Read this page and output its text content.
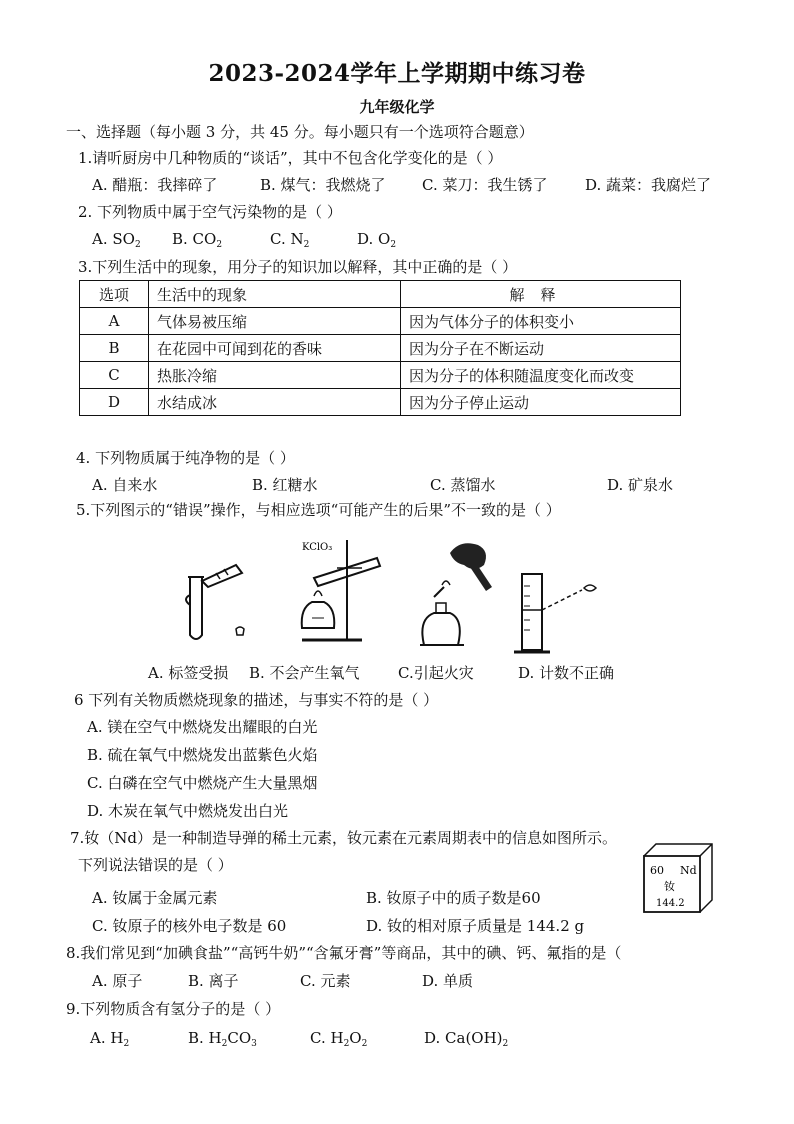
2023-2024学年上学期期中练习卷
九年级化学
一、选择题（每小题 3 分，共 45 分。每小题只有一个选项符合题意）
1.请听厨房中几种物质的“谈话”，其中不包含化学变化的是（ ）
A. 醋瓶：我摔碎了	B. 煤气：我燃烧了 C. 菜刀：我生锈了	D. 蔬菜：我腐烂了
2. 下列物质中属于空气污染物的是（ ）
A. $SO_2$ B. $CO_2$	C. $N_2$	D. $O_2$
3.下列生活中的现象，用分子的知识加以解释，其中正确的是（ ）
选项	生活中的现象	解释
A	气体易被压缩	因为气体分子的体积变小
B	在花园中可闻到花的香味	因为分子在不断运动
C	热胀冷缩	因为分子的体积随温度变化而改变
D	水结成冰	因为分子停止运动
4. 下列物质属于纯净物的是（ ）
A. 自来水	B. 红糖水	C. 蒸馏水	D. 矿泉水
5.下列图示的“错误”操作，与相应选项“可能产生的后果”不一致的是（ ）
KClO₃
A. 标签受损 B. 不会产生氧气	C.引起火灾	D. 计数不正确
6 下列有关物质燃烧现象的描述，与事实不符的是（ ）
A. 镁在空气中燃烧发出耀眼的白光
B. 硫在氧气中燃烧发出蓝紫色火焰
C. 白磷在空气中燃烧产生大量黑烟
D. 木炭在氧气中燃烧发出白光
7.钕（Nd）是一种制造导弹的稀土元素，钕元素在元素周期表中的信息如图所示。
下列说法错误的是（ ）
A. 钕属于金属元素	B. 钕原子中的质子数是60
C. 钕原子的核外电子数是 60	D. 钕的相对原子质量是 144.2 g
60 Nd
钕
144.2
8.我们常见到“加碘食盐”“高钙牛奶”“含氟牙膏”等商品，其中的碘、钙、氟指的是（
A. 原子	B. 离子	C. 元素	D. 单质
9.下列物质含有氢分子的是（ ）
A. $H_2$	B. $H_2CO_3$	C. $H_2O_2$	D. $Ca(OH)_2$
